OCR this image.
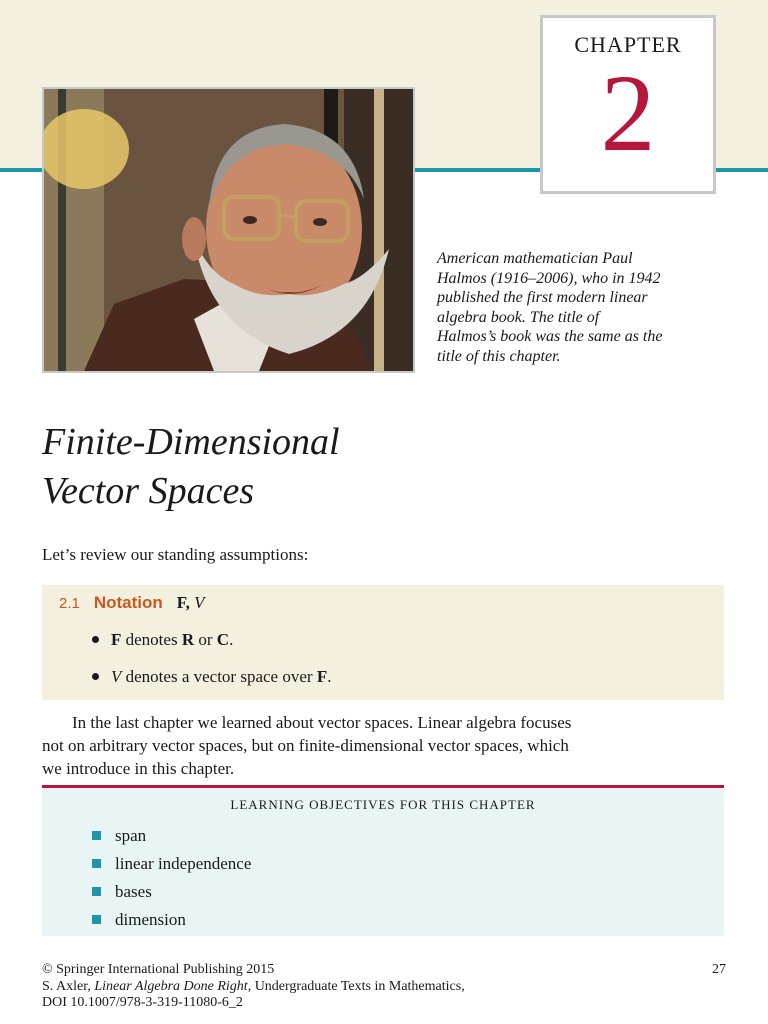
CHAPTER
2
American mathematician Paul
Halmos (1916–2006), who in 1942
published the first modern linear
algebra book. The title of
Halmos’s book was the same as the
title of this chapter.
Finite-Dimensional
Vector Spaces
Let’s review our standing assumptions:
2.1 Notation F, V
F denotes R or C.
V denotes a vector space over F.
In the last chapter we learned about vector spaces. Linear algebra focuses
not on arbitrary vector spaces, but on finite-dimensional vector spaces, which
we introduce in this chapter.
LEARNING OBJECTIVES FOR THIS CHAPTER
span
linear independence
bases
dimension
© Springer International Publishing 2015
S. Axler, Linear Algebra Done Right, Undergraduate Texts in Mathematics,
DOI 10.1007/978-3-319-11080-6_2
27
